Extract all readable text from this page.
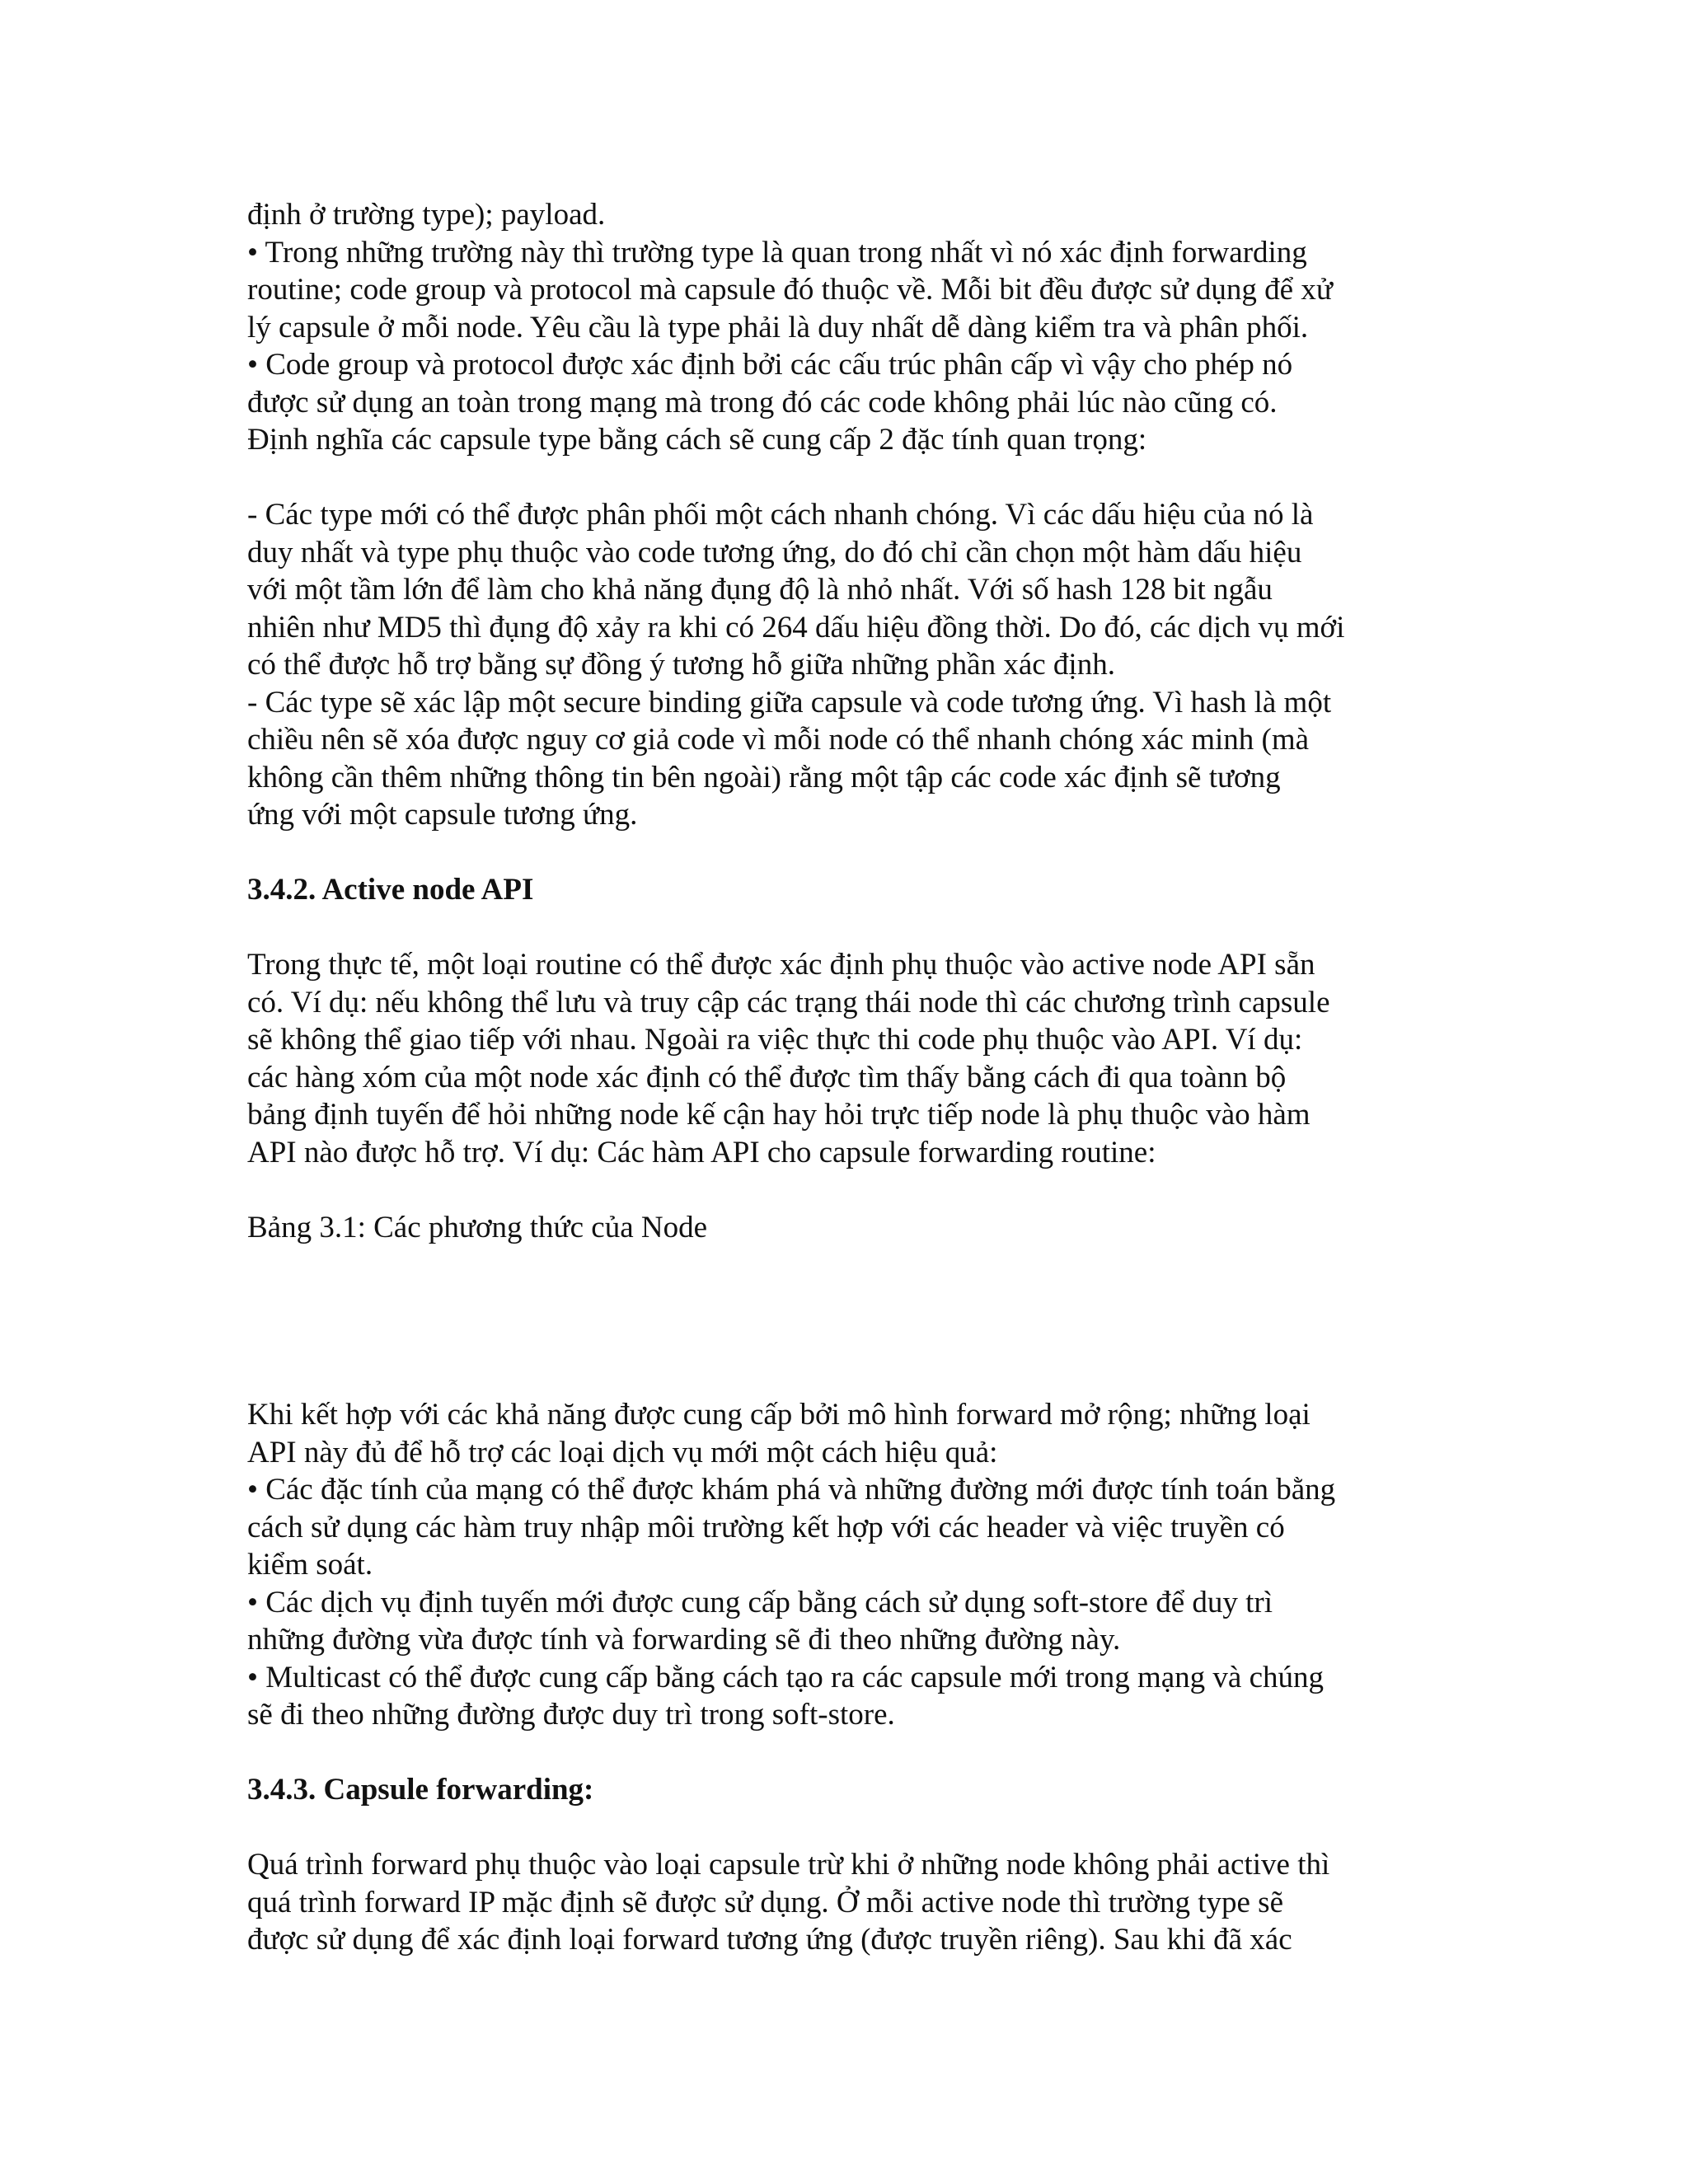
định ở trường type); payload.
• Trong những trường này thì trường type là quan trong nhất vì nó xác định forwarding
routine; code group và protocol mà capsule đó thuộc về. Mỗi bit đều được sử dụng để xử
lý capsule ở mỗi node. Yêu cầu là type phải là duy nhất dễ dàng kiểm tra và phân phối.
• Code group và protocol được xác định bởi các cấu trúc phân cấp vì vậy cho phép nó
được sử dụng an toàn trong mạng mà trong đó các code không phải lúc nào cũng có.
Định nghĩa các capsule type bằng cách sẽ cung cấp 2 đặc tính quan trọng:
- Các type mới có thể được phân phối một cách nhanh chóng. Vì các dấu hiệu của nó là
duy nhất và type phụ thuộc vào code tương ứng, do đó chỉ cần chọn một hàm dấu hiệu
với một tầm lớn để làm cho khả năng đụng độ là nhỏ nhất. Với số hash 128 bit ngẫu
nhiên như MD5 thì đụng độ xảy ra khi có 264 dấu hiệu đồng thời. Do đó, các dịch vụ mới
có thể được hỗ trợ bằng sự đồng ý tương hỗ giữa những phần xác định.
- Các type sẽ xác lập một secure binding giữa capsule và code tương ứng. Vì hash là một
chiều nên sẽ xóa được nguy cơ giả code vì mỗi node có thể nhanh chóng xác minh (mà
không cần thêm những thông tin bên ngoài) rằng một tập các code xác định sẽ tương
ứng với một capsule tương ứng.
3.4.2. Active node API
Trong thực tế, một loại routine có thể được xác định phụ thuộc vào active node API sẵn
có. Ví dụ: nếu không thể lưu và truy cập các trạng thái node thì các chương trình capsule
sẽ không thể giao tiếp với nhau. Ngoài ra việc thực thi code phụ thuộc vào API. Ví dụ:
các hàng xóm của một node xác định có thể được tìm thấy bằng cách đi qua toànn bộ
bảng định tuyến để hỏi những node kế cận hay hỏi trực tiếp node là phụ thuộc vào hàm
API nào được hỗ trợ. Ví dụ: Các hàm API cho capsule forwarding routine:
Bảng 3.1: Các phương thức của Node
Khi kết hợp với các khả năng được cung cấp bởi mô hình forward mở rộng; những loại
API này đủ để hỗ trợ các loại dịch vụ mới một cách hiệu quả:
• Các đặc tính của mạng có thể được khám phá và những đường mới được tính toán bằng
cách sử dụng các hàm truy nhập môi trường kết hợp với các header và việc truyền có
kiểm soát.
• Các dịch vụ định tuyến mới được cung cấp bằng cách sử dụng soft-store để duy trì
những đường vừa được tính và forwarding sẽ đi theo những đường này.
• Multicast có thể được cung cấp bằng cách tạo ra các capsule mới trong mạng và chúng
sẽ đi theo những đường được duy trì trong soft-store.
3.4.3. Capsule forwarding:
Quá trình forward phụ thuộc vào loại capsule trừ khi ở những node không phải active thì
quá trình forward IP mặc định sẽ được sử dụng. Ở mỗi active node thì trường type sẽ
được sử dụng để xác định loại forward tương ứng (được truyền riêng). Sau khi đã xác
